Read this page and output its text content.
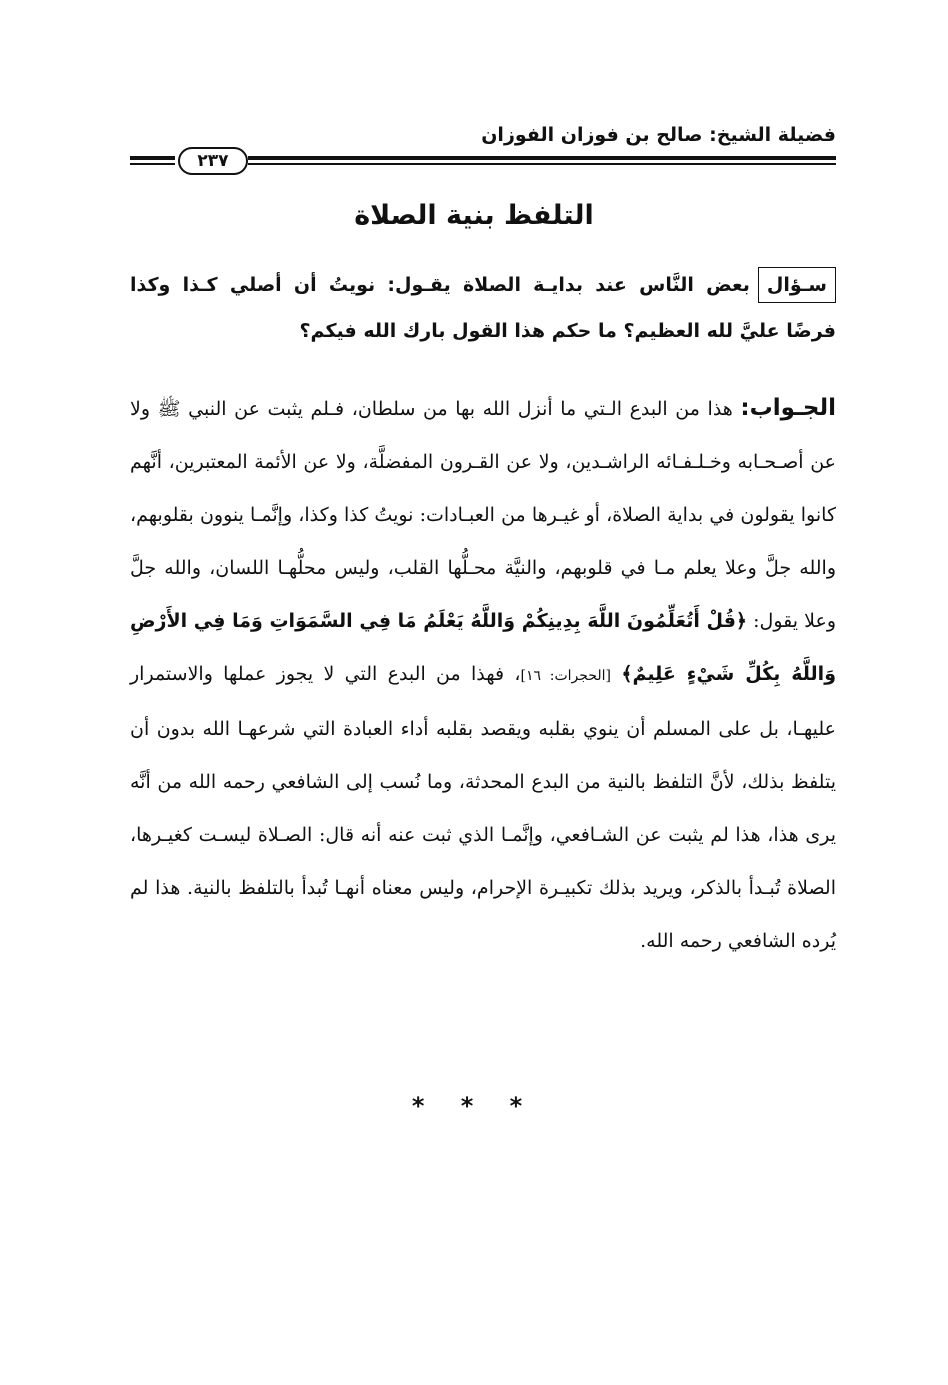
فضيلة الشيخ: صالح بن فوزان الفوزان
٢٣٧
التلفظ بنية الصلاة
سـؤالبعض النَّاس عند بدايـة الصلاة يقـول: نويتُ أن أصلي كـذا وكذا فرضًا عليَّ لله العظيم؟ ما حكم هذا القول بارك الله فيكم؟
الجـواب: هذا من البدع الـتي ما أنزل الله بها من سلطان، فـلم يثبت عن النبي ﷺ ولا عن أصـحـابه وخـلـفـائه الراشـدين، ولا عن القـرون المفضلَّة، ولا عن الأئمة المعتبرين، أنَّهم كانوا يقولون في بداية الصلاة، أو غيـرها من العبـادات: نويتُ كذا وكذا، وإنَّمـا ينوون بقلوبهم، والله جلَّ وعلا يعلم مـا في قلوبهم، والنيَّة محـلُّها القلب، وليس محلُّهـا اللسان، والله جلَّ وعلا يقول: ﴿قُلْ أَتُعَلِّمُونَ اللَّهَ بِدِينِكُمْ وَاللَّهُ يَعْلَمُ مَا فِي السَّمَوَاتِ وَمَا فِي الأَرْضِ وَاللَّهُ بِكُلِّ شَيْءٍ عَلِيمٌ﴾ [الحجرات: ١٦]، فهذا من البدع التي لا يجوز عملها والاستمرار عليهـا، بل على المسلم أن ينوي بقلبه ويقصد بقلبه أداء العبادة التي شرعهـا الله بدون أن يتلفظ بذلك، لأنَّ التلفظ بالنية من البدع المحدثة، وما نُسب إلى الشافعي رحمه الله من أنَّه يرى هذا، هذا لم يثبت عن الشـافعي، وإنَّمـا الذي ثبت عنه أنه قال: الصـلاة ليسـت كغيـرها، الصلاة تُبـدأ بالذكر، ويريد بذلك تكبيـرة الإحرام، وليس معناه أنهـا تُبدأ بالتلفظ بالنية. هذا لم يُرده الشافعي رحمه الله.
* * *
